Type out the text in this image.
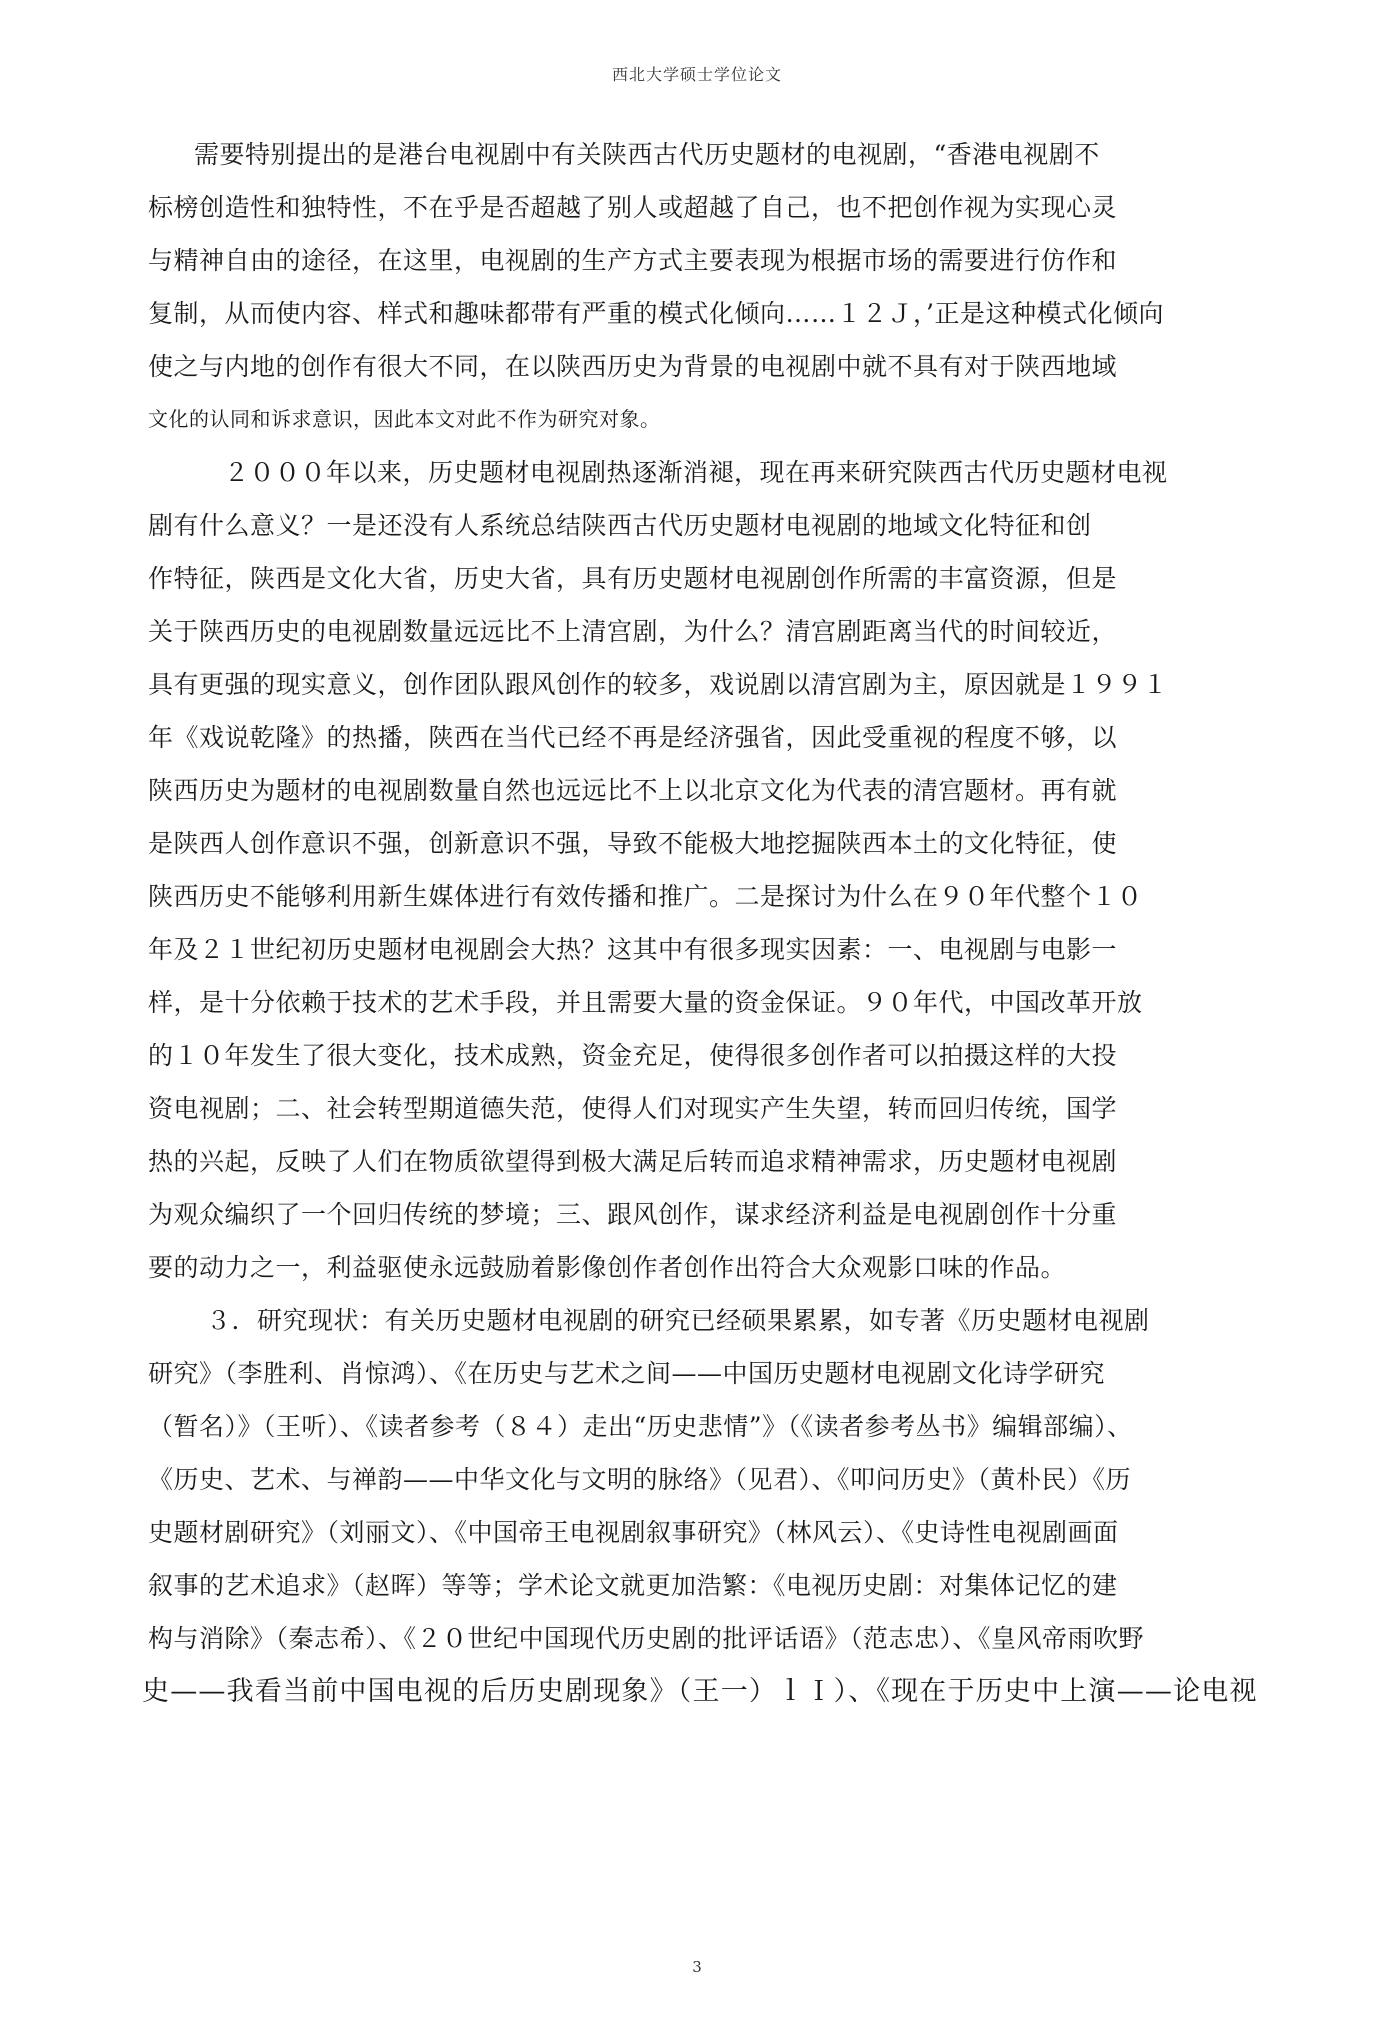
西北大学硕士学位论文
需要特别提出的是港台电视剧中有关陕西古代历史题材的电视剧，“香港电视剧不
标榜创造性和独特性，不在乎是否超越了别人或超越了自己，也不把创作视为实现心灵
与精神自由的途径，在这里，电视剧的生产方式主要表现为根据市场的需要进行仿作和
复制，从而使内容、样式和趣味都带有严重的模式化倾向……１２Ｊ，’正是这种模式化倾向
使之与内地的创作有很大不同，在以陕西历史为背景的电视剧中就不具有对于陕西地域
文化的认同和诉求意识，因此本文对此不作为研究对象。
２０００年以来，历史题材电视剧热逐渐消褪，现在再来研究陕西古代历史题材电视
剧有什么意义？一是还没有人系统总结陕西古代历史题材电视剧的地域文化特征和创
作特征，陕西是文化大省，历史大省，具有历史题材电视剧创作所需的丰富资源，但是
关于陕西历史的电视剧数量远远比不上清宫剧，为什么？清宫剧距离当代的时间较近，
具有更强的现实意义，创作团队跟风创作的较多，戏说剧以清宫剧为主，原因就是１９９１
年《戏说乾隆》的热播，陕西在当代已经不再是经济强省，因此受重视的程度不够，以
陕西历史为题材的电视剧数量自然也远远比不上以北京文化为代表的清宫题材。再有就
是陕西人创作意识不强，创新意识不强，导致不能极大地挖掘陕西本土的文化特征，使
陕西历史不能够利用新生媒体进行有效传播和推广。二是探讨为什么在９０年代整个１０
年及２１世纪初历史题材电视剧会大热？这其中有很多现实因素：一、电视剧与电影一
样，是十分依赖于技术的艺术手段，并且需要大量的资金保证。９０年代，中国改革开放
的１０年发生了很大变化，技术成熟，资金充足，使得很多创作者可以拍摄这样的大投
资电视剧；二、社会转型期道德失范，使得人们对现实产生失望，转而回归传统，国学
热的兴起，反映了人们在物质欲望得到极大满足后转而追求精神需求，历史题材电视剧
为观众编织了一个回归传统的梦境；三、跟风创作，谋求经济利益是电视剧创作十分重
要的动力之一，利益驱使永远鼓励着影像创作者创作出符合大众观影口味的作品。
３．研究现状：有关历史题材电视剧的研究已经硕果累累，如专著《历史题材电视剧
研究》（李胜利、肖惊鸿）、《在历史与艺术之间——中国历史题材电视剧文化诗学研究
（暂名）》（王听）、《读者参考（８４）走出“历史悲情”》（《读者参考丛书》编辑部编）、
《历史、艺术、与禅韵——中华文化与文明的脉络》（见君）、《叩问历史》（黄朴民）《历
史题材剧研究》（刘丽文）、《中国帝王电视剧叙事研究》（林风云）、《史诗性电视剧画面
叙事的艺术追求》（赵晖）等等；学术论文就更加浩繁：《电视历史剧：对集体记忆的建
构与消除》（秦志希）、《２０世纪中国现代历史剧的批评话语》（范志忠）、《皇风帝雨吹野
史——我看当前中国电视的后历史剧现象》（王一）ｌＩ）、《现在于历史中上演——论电视
3
